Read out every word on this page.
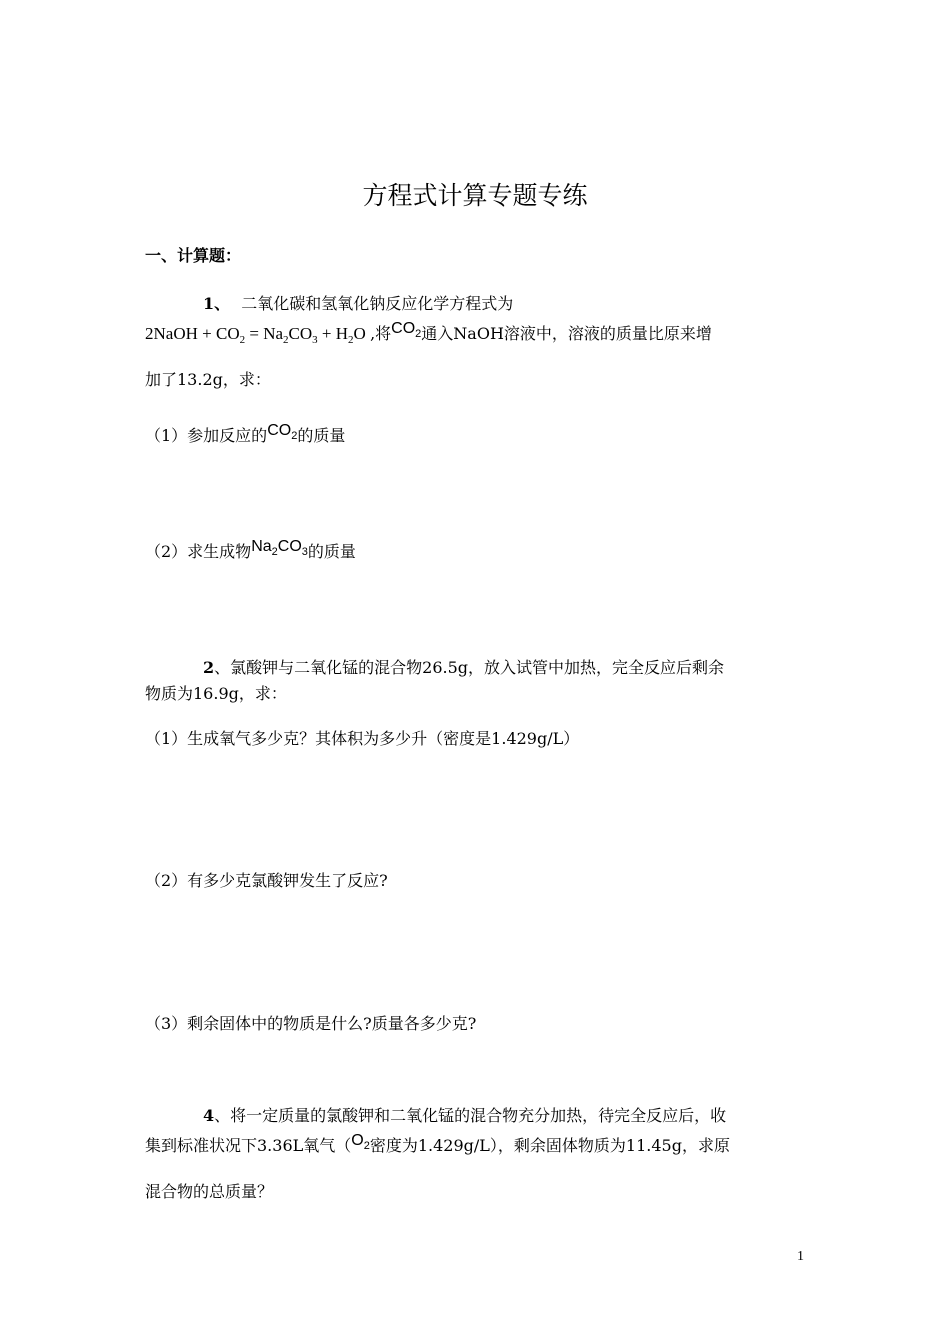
方程式计算专题专练
一、计算题：
1、 二氧化碳和氢氧化钠反应化学方程式为
2NaOH + $CO_2 = Na_2CO_3 + H_2O$ ,将$CO_2$通入NaOH溶液中，溶液的质量比原来增
加了13.2g，求：
（1）参加反应的$CO_2$的质量
（2）求生成物$Na_2CO_3$的质量
2、氯酸钾与二氧化锰的混合物26.5g，放入试管中加热，完全反应后剩余
物质为16.9g，求：
（1）生成氧气多少克？其体积为多少升（密度是1.429g/L）
（2）有多少克氯酸钾发生了反应?
（3）剩余固体中的物质是什么?质量各多少克?
4、将一定质量的氯酸钾和二氧化锰的混合物充分加热，待完全反应后，收
集到标准状况下3.36L氧气（$O_2$密度为1.429g/L），剩余固体物质为11.45g，求原
混合物的总质量？
1
